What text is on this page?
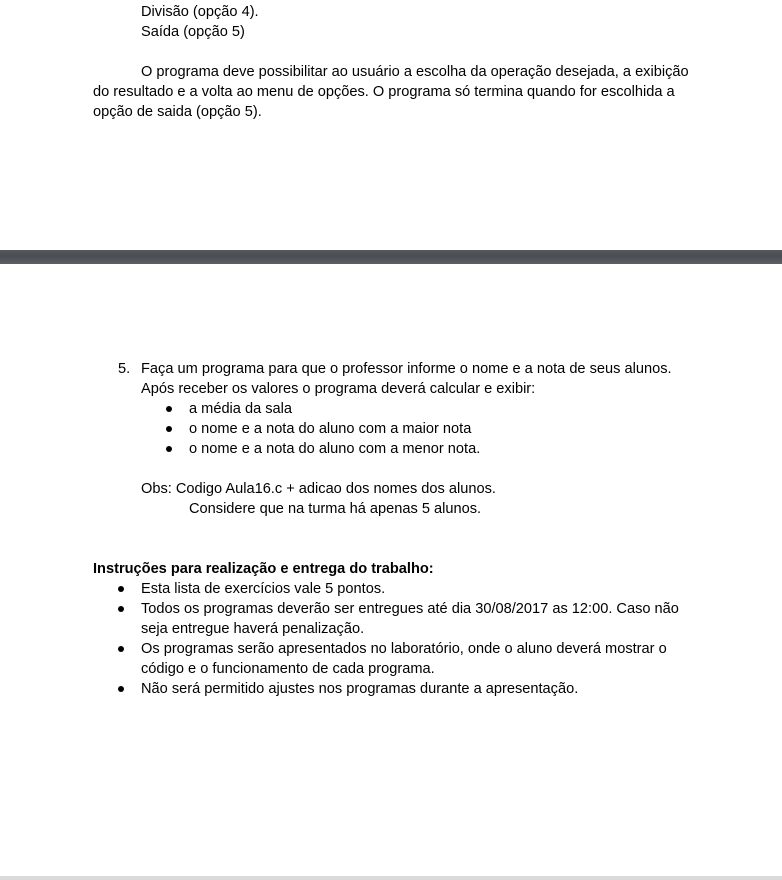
Divisão (opção 4).
Saída (opção 5)
O programa deve possibilitar ao usuário a escolha da operação desejada, a exibição
do resultado e a volta ao menu de opções. O programa só termina quando for escolhida a
opção de saida (opção 5).
5. Faça um programa para que o professor informe o nome e a nota de seus alunos.
Após receber os valores o programa deverá calcular e exibir:
a média da sala
o nome e a nota do aluno com a maior nota
o nome e a nota do aluno com a menor nota.
Obs: Codigo Aula16.c + adicao dos nomes dos alunos.
Considere que na turma há apenas 5 alunos.
Instruções para realização e entrega do trabalho:
Esta lista de exercícios vale 5 pontos.
Todos os programas deverão ser entregues até dia 30/08/2017 as 12:00. Caso não
seja entregue haverá penalização.
Os programas serão apresentados no laboratório, onde o aluno deverá mostrar o
código e o funcionamento de cada programa.
Não será permitido ajustes nos programas durante a apresentação.
